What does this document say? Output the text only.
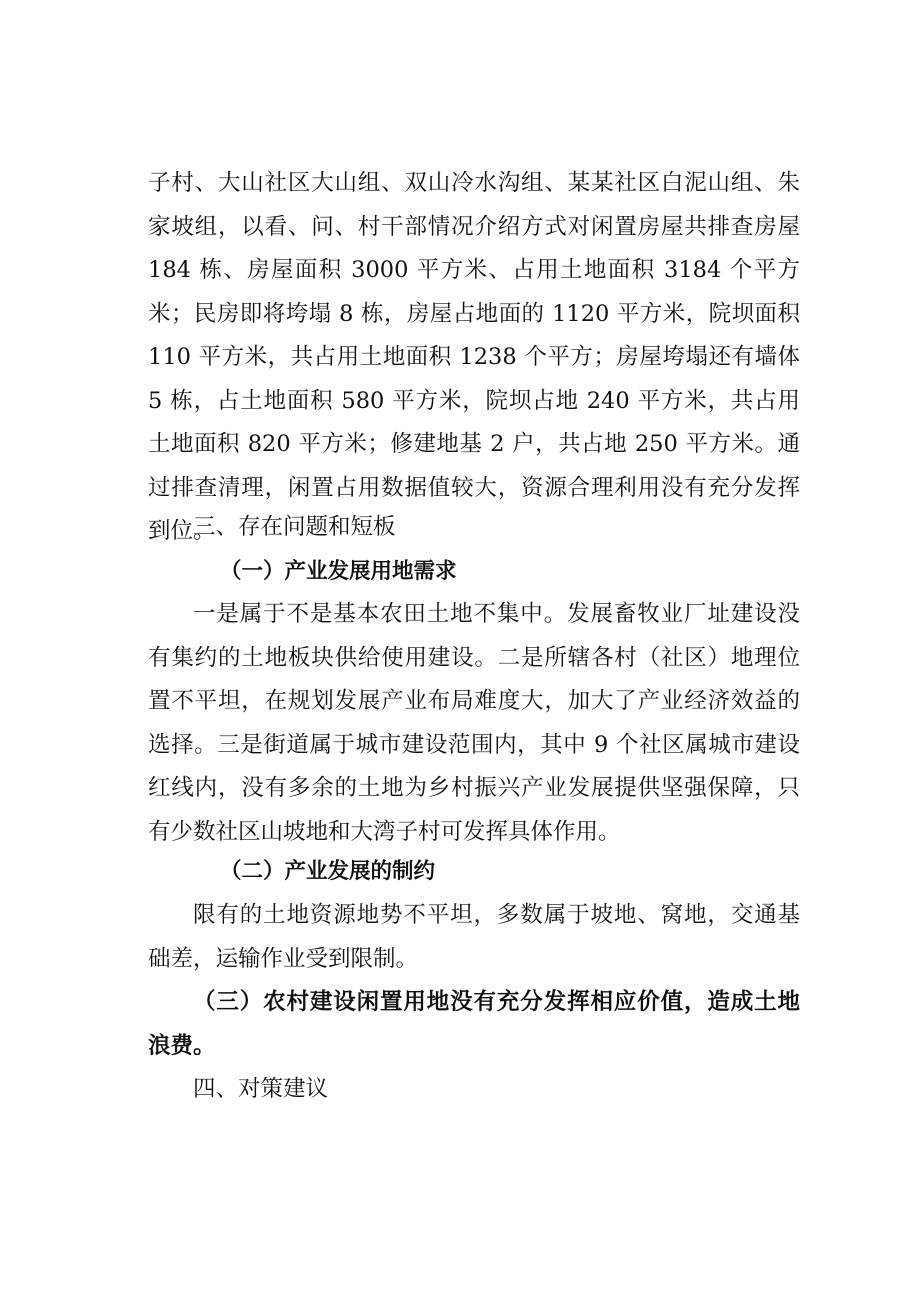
子村、大山社区大山组、双山冷水沟组、某某社区白泥山组、朱家坡组，以看、问、村干部情况介绍方式对闲置房屋共排查房屋 184 栋、房屋面积 3000 平方米、占用土地面积 3184 个平方米；民房即将垮塌 8 栋，房屋占地面的 1120 平方米，院坝面积 110 平方米，共占用土地面积 1238 个平方；房屋垮塌还有墙体 5 栋，占土地面积 580 平方米，院坝占地 240 平方米，共占用土地面积 820 平方米；修建地基 2 户，共占地 250 平方米。通过排查清理，闲置占用数据值较大，资源合理利用没有充分发挥到位。

三、存在问题和短板

（一）产业发展用地需求

一是属于不是基本农田土地不集中。发展畜牧业厂址建设没有集约的土地板块供给使用建设。二是所辖各村（社区）地理位置不平坦，在规划发展产业布局难度大，加大了产业经济效益的选择。三是街道属于城市建设范围内，其中 9 个社区属城市建设红线内，没有多余的土地为乡村振兴产业发展提供坚强保障，只有少数社区山坡地和大湾子村可发挥具体作用。

（二）产业发展的制约

限有的土地资源地势不平坦，多数属于坡地、窝地，交通基础差，运输作业受到限制。

（三）农村建设闲置用地没有充分发挥相应价值，造成土地浪费。

四、对策建议
